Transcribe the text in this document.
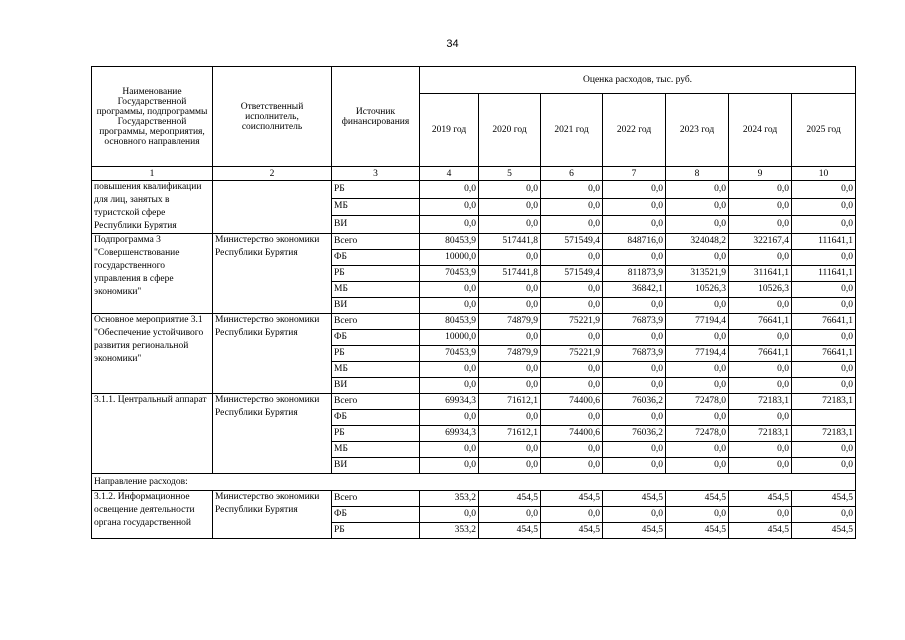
34
Наименование Государственной программы, подпрограммы Государственной программы, мероприятия, основного направления	Ответственный исполнитель, соисполнитель	Источник финансирования	Оценка расходов, тыс. руб.						
			2019 год	2020 год	2021 год	2022 год	2023 год	2024 год	2025 год
1	2	3	4	5	6	7	8	9	10
повышения квалификации для лиц, занятых в туристской сфере Республики Бурятия		РБ	0,0	0,0	0,0	0,0	0,0	0,0	0,0
		МБ	0,0	0,0	0,0	0,0	0,0	0,0	0,0
		ВИ	0,0	0,0	0,0	0,0	0,0	0,0	0,0
Подпрограмма 3 "Совершенствование государственного управления в сфере экономики"	Министерство экономики Республики Бурятия	Всего	80453,9	517441,8	571549,4	848716,0	324048,2	322167,4	111641,1
		ФБ	10000,0	0,0	0,0	0,0	0,0	0,0	0,0
		РБ	70453,9	517441,8	571549,4	811873,9	313521,9	311641,1	111641,1
		МБ	0,0	0,0	0,0	36842,1	10526,3	10526,3	0,0
		ВИ	0,0	0,0	0,0	0,0	0,0	0,0	0,0
Основное мероприятие 3.1 "Обеспечение устойчивого развития региональной экономики"	Министерство экономики Республики Бурятия	Всего	80453,9	74879,9	75221,9	76873,9	77194,4	76641,1	76641,1
		ФБ	10000,0	0,0	0,0	0,0	0,0	0,0	0,0
		РБ	70453,9	74879,9	75221,9	76873,9	77194,4	76641,1	76641,1
		МБ	0,0	0,0	0,0	0,0	0,0	0,0	0,0
		ВИ	0,0	0,0	0,0	0,0	0,0	0,0	0,0
3.1.1. Центральный аппарат	Министерство экономики Республики Бурятия	Всего	69934,3	71612,1	74400,6	76036,2	72478,0	72183,1	72183,1
		ФБ	0,0	0,0	0,0	0,0	0,0	0,0	
		РБ	69934,3	71612,1	74400,6	76036,2	72478,0	72183,1	72183,1
		МБ	0,0	0,0	0,0	0,0	0,0	0,0	0,0
		ВИ	0,0	0,0	0,0	0,0	0,0	0,0	0,0
Направление расходов:									
3.1.2. Информационное освещение деятельности органа государственной	Министерство экономики Республики Бурятия	Всего	353,2	454,5	454,5	454,5	454,5	454,5	454,5
		ФБ	0,0	0,0	0,0	0,0	0,0	0,0	0,0
		РБ	353,2	454,5	454,5	454,5	454,5	454,5	454,5
